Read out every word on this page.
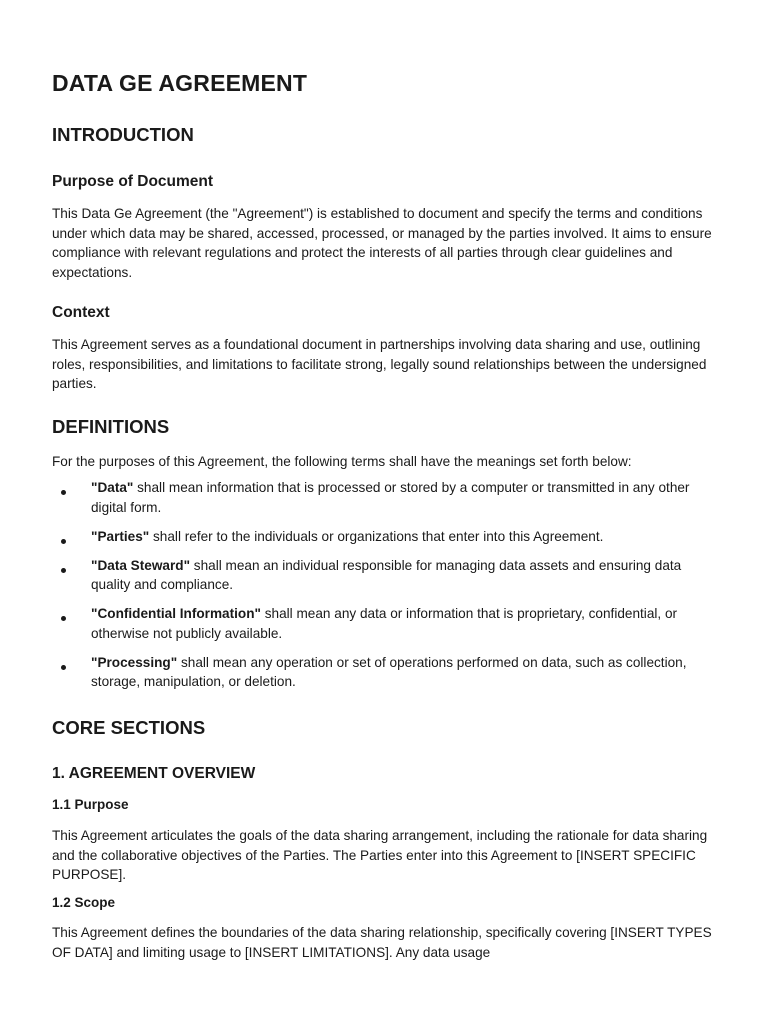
DATA GE AGREEMENT
INTRODUCTION
Purpose of Document

This Data Ge Agreement (the "Agreement") is established to document and specify the terms and conditions under which data may be shared, accessed, processed, or managed by the parties involved. It aims to ensure compliance with relevant regulations and protect the interests of all parties through clear guidelines and expectations.

Context

This Agreement serves as a foundational document in partnerships involving data sharing and use, outlining roles, responsibilities, and limitations to facilitate strong, legally sound relationships between the undersigned parties.

DEFINITIONS

For the purposes of this Agreement, the following terms shall have the meanings set forth below:

"Data" shall mean information that is processed or stored by a computer or transmitted in any other digital form.
"Parties" shall refer to the individuals or organizations that enter into this Agreement.
"Data Steward" shall mean an individual responsible for managing data assets and ensuring data quality and compliance.
"Confidential Information" shall mean any data or information that is proprietary, confidential, or otherwise not publicly available.
"Processing" shall mean any operation or set of operations performed on data, such as collection, storage, manipulation, or deletion.
CORE SECTIONS
1. AGREEMENT OVERVIEW
1.1 Purpose

This Agreement articulates the goals of the data sharing arrangement, including the rationale for data sharing and the collaborative objectives of the Parties. The Parties enter into this Agreement to [INSERT SPECIFIC PURPOSE].

1.2 Scope

This Agreement defines the boundaries of the data sharing relationship, specifically covering [INSERT TYPES OF DATA] and limiting usage to [INSERT LIMITATIONS]. Any data usage
